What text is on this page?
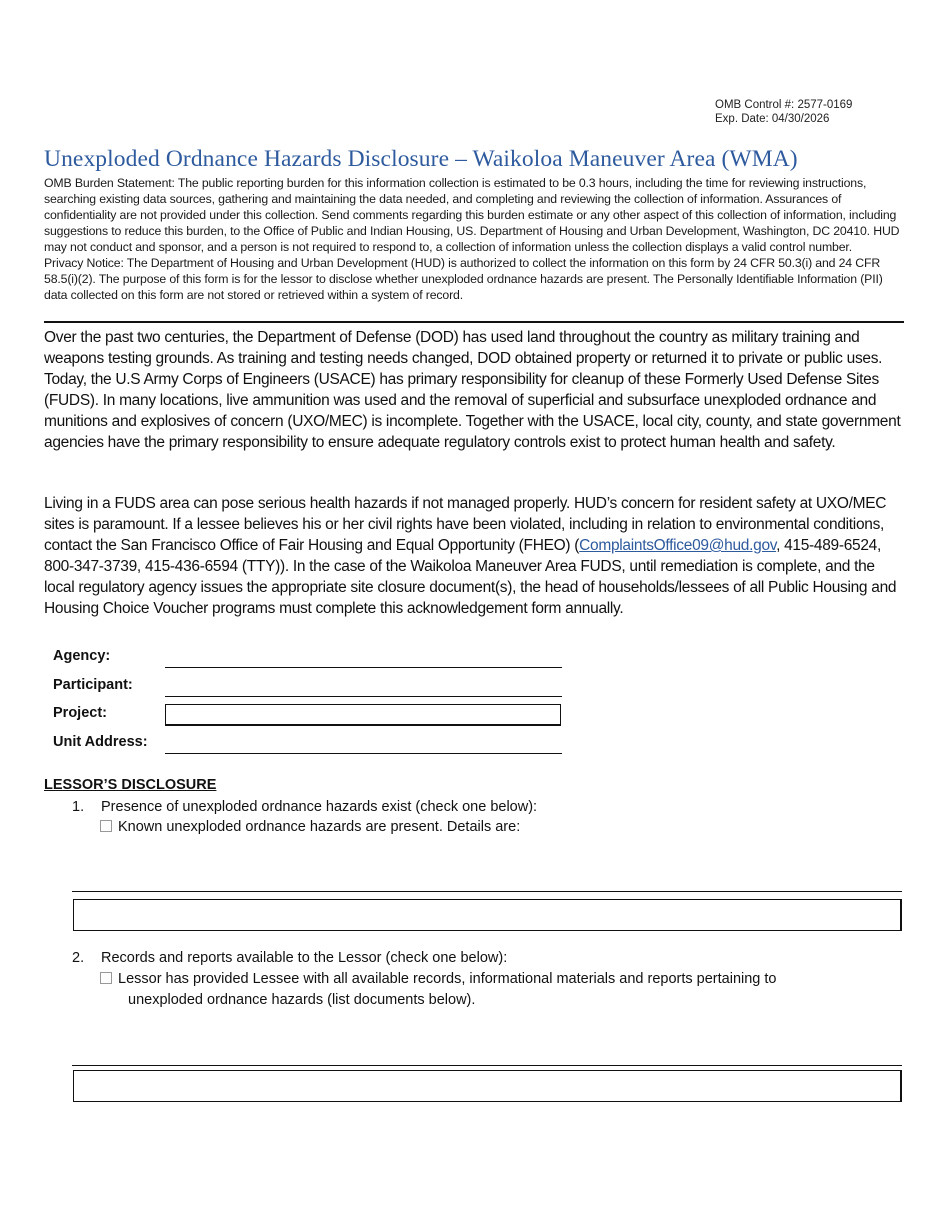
OMB Control #: 2577-0169
Exp. Date: 04/30/2026
Unexploded Ordnance Hazards Disclosure – Waikoloa Maneuver Area (WMA)

OMB Burden Statement: The public reporting burden for this information collection is estimated to be 0.3 hours, including the time for reviewing instructions, searching existing data sources, gathering and maintaining the data needed, and completing and reviewing the collection of information. Assurances of confidentiality are not provided under this collection. Send comments regarding this burden estimate or any other aspect of this collection of information, including suggestions to reduce this burden, to the Office of Public and Indian Housing, US. Department of Housing and Urban Development, Washington, DC 20410. HUD may not conduct and sponsor, and a person is not required to respond to, a collection of information unless the collection displays a valid control number.

Privacy Notice: The Department of Housing and Urban Development (HUD) is authorized to collect the information on this form by 24 CFR 50.3(i) and 24 CFR 58.5(i)(2). The purpose of this form is for the lessor to disclose whether unexploded ordnance hazards are present. The Personally Identifiable Information (PII) data collected on this form are not stored or retrieved within a system of record.

Over the past two centuries, the Department of Defense (DOD) has used land throughout the country as military training and weapons testing grounds. As training and testing needs changed, DOD obtained property or returned it to private or public uses. Today, the U.S Army Corps of Engineers (USACE) has primary responsibility for cleanup of these Formerly Used Defense Sites (FUDS). In many locations, live ammunition was used and the removal of superficial and subsurface unexploded ordnance and munitions and explosives of concern (UXO/MEC) is incomplete. Together with the USACE, local city, county, and state government agencies have the primary responsibility to ensure adequate regulatory controls exist to protect human health and safety.

Living in a FUDS area can pose serious health hazards if not managed properly. HUD’s concern for resident safety at UXO/MEC sites is paramount. If a lessee believes his or her civil rights have been violated, including in relation to environmental conditions, contact the San Francisco Office of Fair Housing and Equal Opportunity (FHEO) (ComplaintsOffice09@hud.gov, 415-489-6524, 800-347-3739, 415-436-6594 (TTY)). In the case of the Waikoloa Maneuver Area FUDS, until remediation is complete, and the local regulatory agency issues the appropriate site closure document(s), the head of households/lessees of all Public Housing and Housing Choice Voucher programs must complete this acknowledgement form annually.

Agency:
Participant:
Project:
Unit Address:
LESSOR’S DISCLOSURE
1. Presence of unexploded ordnance hazards exist (check one below):
Known unexploded ordnance hazards are present. Details are:
2. Records and reports available to the Lessor (check one below):
Lessor has provided Lessee with all available records, informational materials and reports pertaining to
unexploded ordnance hazards (list documents below).
